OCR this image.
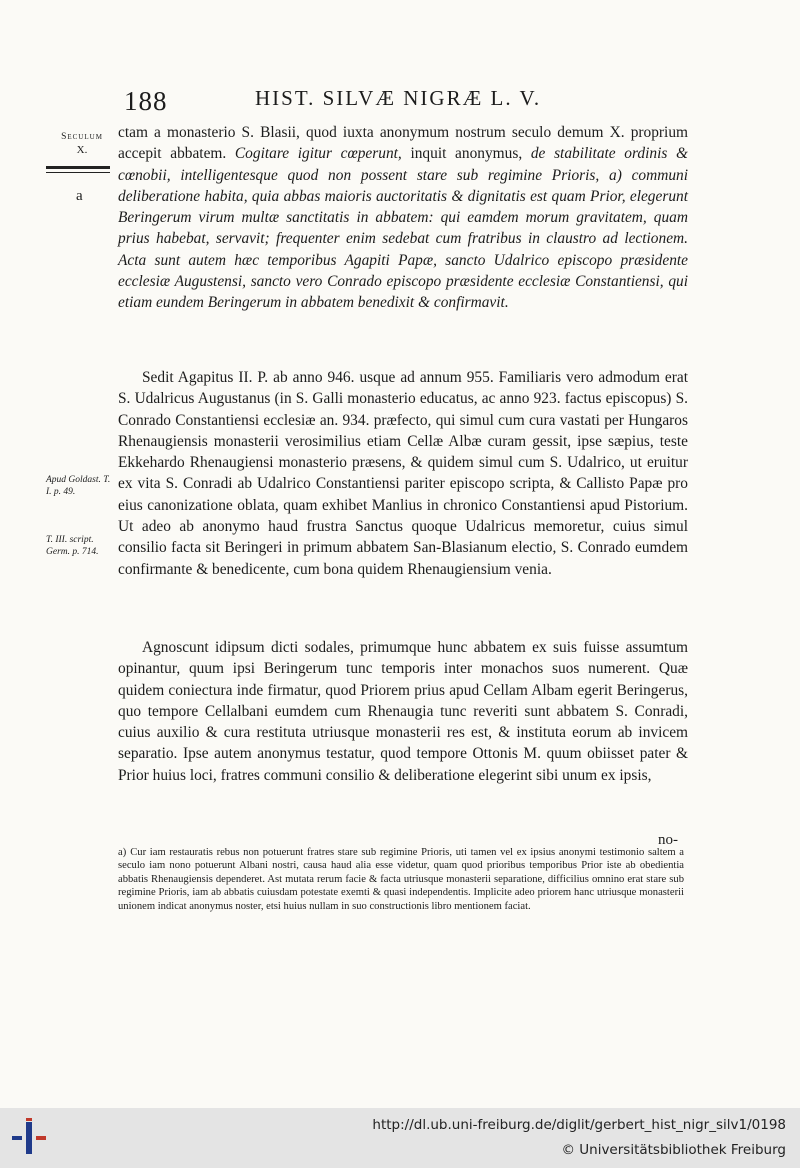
188	HIST. SILVÆ NIGRÆ L. V.
Seculum
X.
a
Apud Goldast. T. I. p. 49.
T. III. script. Germ. p. 714.
ctam a monasterio S. Blasii, quod iuxta anonymum nostrum seculo demum X. proprium accepit abbatem. Cogitare igitur cœperunt, inquit anonymus, de stabilitate ordinis & cœnobii, intelligentesque quod non possent stare sub regimine Prioris, a) communi deliberatione habita, quia abbas maioris auctoritatis & dignitatis est quam Prior, elegerunt Beringerum virum multæ sanctitatis in abbatem: qui eamdem morum gravitatem, quam prius habebat, servavit; frequenter enim sedebat cum fratribus in claustro ad lectionem. Acta sunt autem hæc temporibus Agapiti Papæ, sancto Udalrico episcopo præsidente ecclesiæ Augustensi, sancto vero Conrado episcopo præsidente ecclesiæ Constantiensi, qui etiam eundem Beringerum in abbatem benedixit & confirmavit.
Sedit Agapitus II. P. ab anno 946. usque ad annum 955. Familiaris vero admodum erat S. Udalricus Augustanus (in S. Galli monasterio educatus, ac anno 923. factus episcopus) S. Conrado Constantiensi ecclesiæ an. 934. præfecto, qui simul cum cura vastati per Hungaros Rhenaugiensis monasterii verosimilius etiam Cellæ Albæ curam gessit, ipse sæpius, teste Ekkehardo Rhenaugiensi monasterio præsens, & quidem simul cum S. Udalrico, ut eruitur ex vita S. Conradi ab Udalrico Constantiensi pariter episcopo scripta, & Callisto Papæ pro eius canonizatione oblata, quam exhibet Manlius in chronico Constantiensi apud Pistorium. Ut adeo ab anonymo haud frustra Sanctus quoque Udalricus memoretur, cuius simul consilio facta sit Beringeri in primum abbatem San-Blasianum electio, S. Conrado eumdem confirmante & benedicente, cum bona quidem Rhenaugiensium venia.
Agnoscunt idipsum dicti sodales, primumque hunc abbatem ex suis fuisse assumtum opinantur, quum ipsi Beringerum tunc temporis inter monachos suos numerent. Quæ quidem coniectura inde firmatur, quod Priorem prius apud Cellam Albam egerit Beringerus, quo tempore Cellalbani eumdem cum Rhenaugia tunc reveriti sunt abbatem S. Conradi, cuius auxilio & cura restituta utriusque monasterii res est, & instituta eorum ab invicem separatio. Ipse autem anonymus testatur, quod tempore Ottonis M. quum obiisset pater & Prior huius loci, fratres communi consilio & deliberatione elegerint sibi unum ex ipsis,
no-
a) Cur iam restauratis rebus non potuerunt fratres stare sub regimine Prioris, uti tamen vel ex ipsius anonymi testimonio saltem a seculo iam nono potuerunt Albani nostri, causa haud alia esse videtur, quam quod prioribus temporibus Prior iste ab obedientia abbatis Rhenaugiensis dependeret. Ast mutata rerum facie & facta utriusque monasterii separatione, difficilius omnino erat stare sub regimine Prioris, iam ab abbatis cuiusdam potestate exemti & quasi independentis. Implicite adeo priorem hanc utriusque monasterii unionem indicat anonymus noster, etsi huius nullam in suo constructionis libro mentionem faciat.
http://dl.ub.uni-freiburg.de/diglit/gerbert_hist_nigr_silv1/0198
© Universitätsbibliothek Freiburg
